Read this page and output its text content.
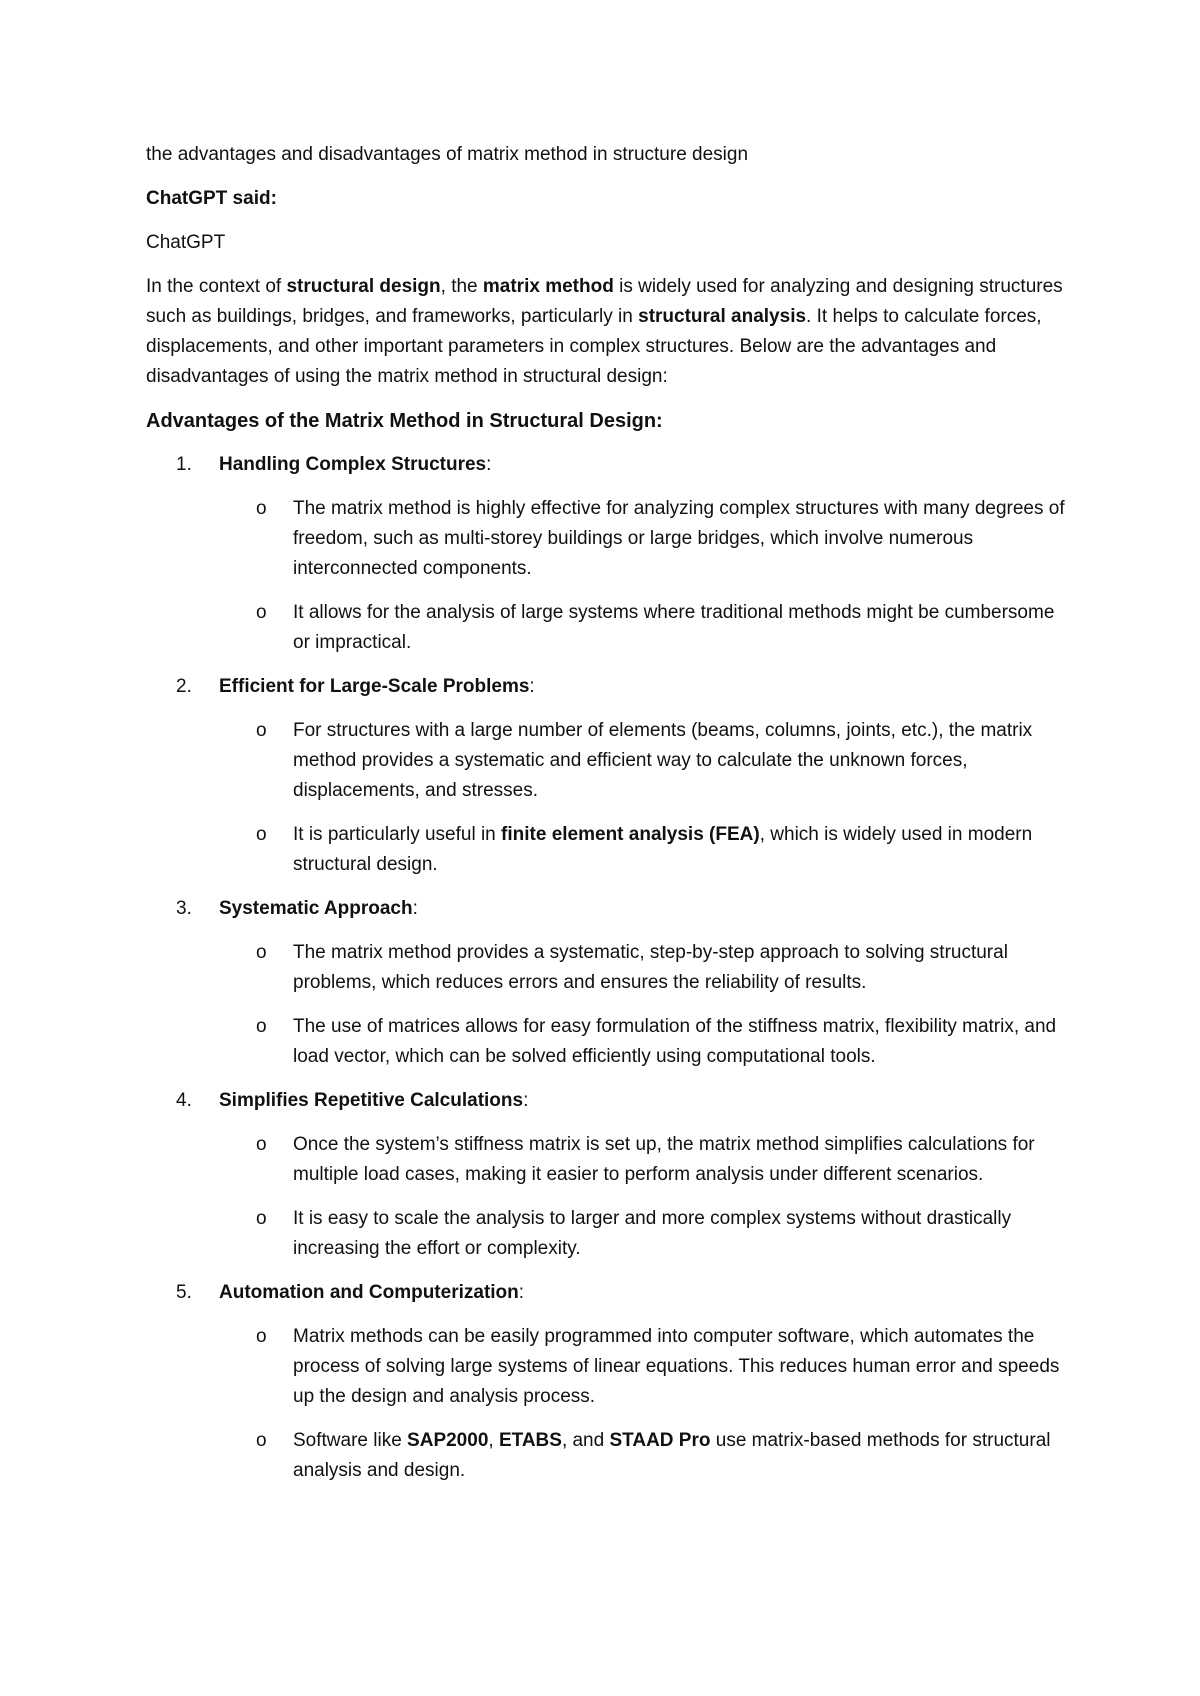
the advantages and disadvantages of matrix method in structure design

ChatGPT said:

ChatGPT

In the context of structural design, the matrix method is widely used for analyzing and designing structures such as buildings, bridges, and frameworks, particularly in structural analysis. It helps to calculate forces, displacements, and other important parameters in complex structures. Below are the advantages and disadvantages of using the matrix method in structural design:

Advantages of the Matrix Method in Structural Design:
1.	Handling Complex Structures:
o	The matrix method is highly effective for analyzing complex structures with many degrees of freedom, such as multi-storey buildings or large bridges, which involve numerous interconnected components.
o	It allows for the analysis of large systems where traditional methods might be cumbersome or impractical.
2.	Efficient for Large-Scale Problems:
o	For structures with a large number of elements (beams, columns, joints, etc.), the matrix method provides a systematic and efficient way to calculate the unknown forces, displacements, and stresses.
o	It is particularly useful in finite element analysis (FEA), which is widely used in modern structural design.
3.	Systematic Approach:
o	The matrix method provides a systematic, step-by-step approach to solving structural problems, which reduces errors and ensures the reliability of results.
o	The use of matrices allows for easy formulation of the stiffness matrix, flexibility matrix, and load vector, which can be solved efficiently using computational tools.
4.	Simplifies Repetitive Calculations:
o	Once the system’s stiffness matrix is set up, the matrix method simplifies calculations for multiple load cases, making it easier to perform analysis under different scenarios.
o	It is easy to scale the analysis to larger and more complex systems without drastically increasing the effort or complexity.
5.	Automation and Computerization:
o	Matrix methods can be easily programmed into computer software, which automates the process of solving large systems of linear equations. This reduces human error and speeds up the design and analysis process.
o	Software like SAP2000, ETABS, and STAAD Pro use matrix-based methods for structural analysis and design.
